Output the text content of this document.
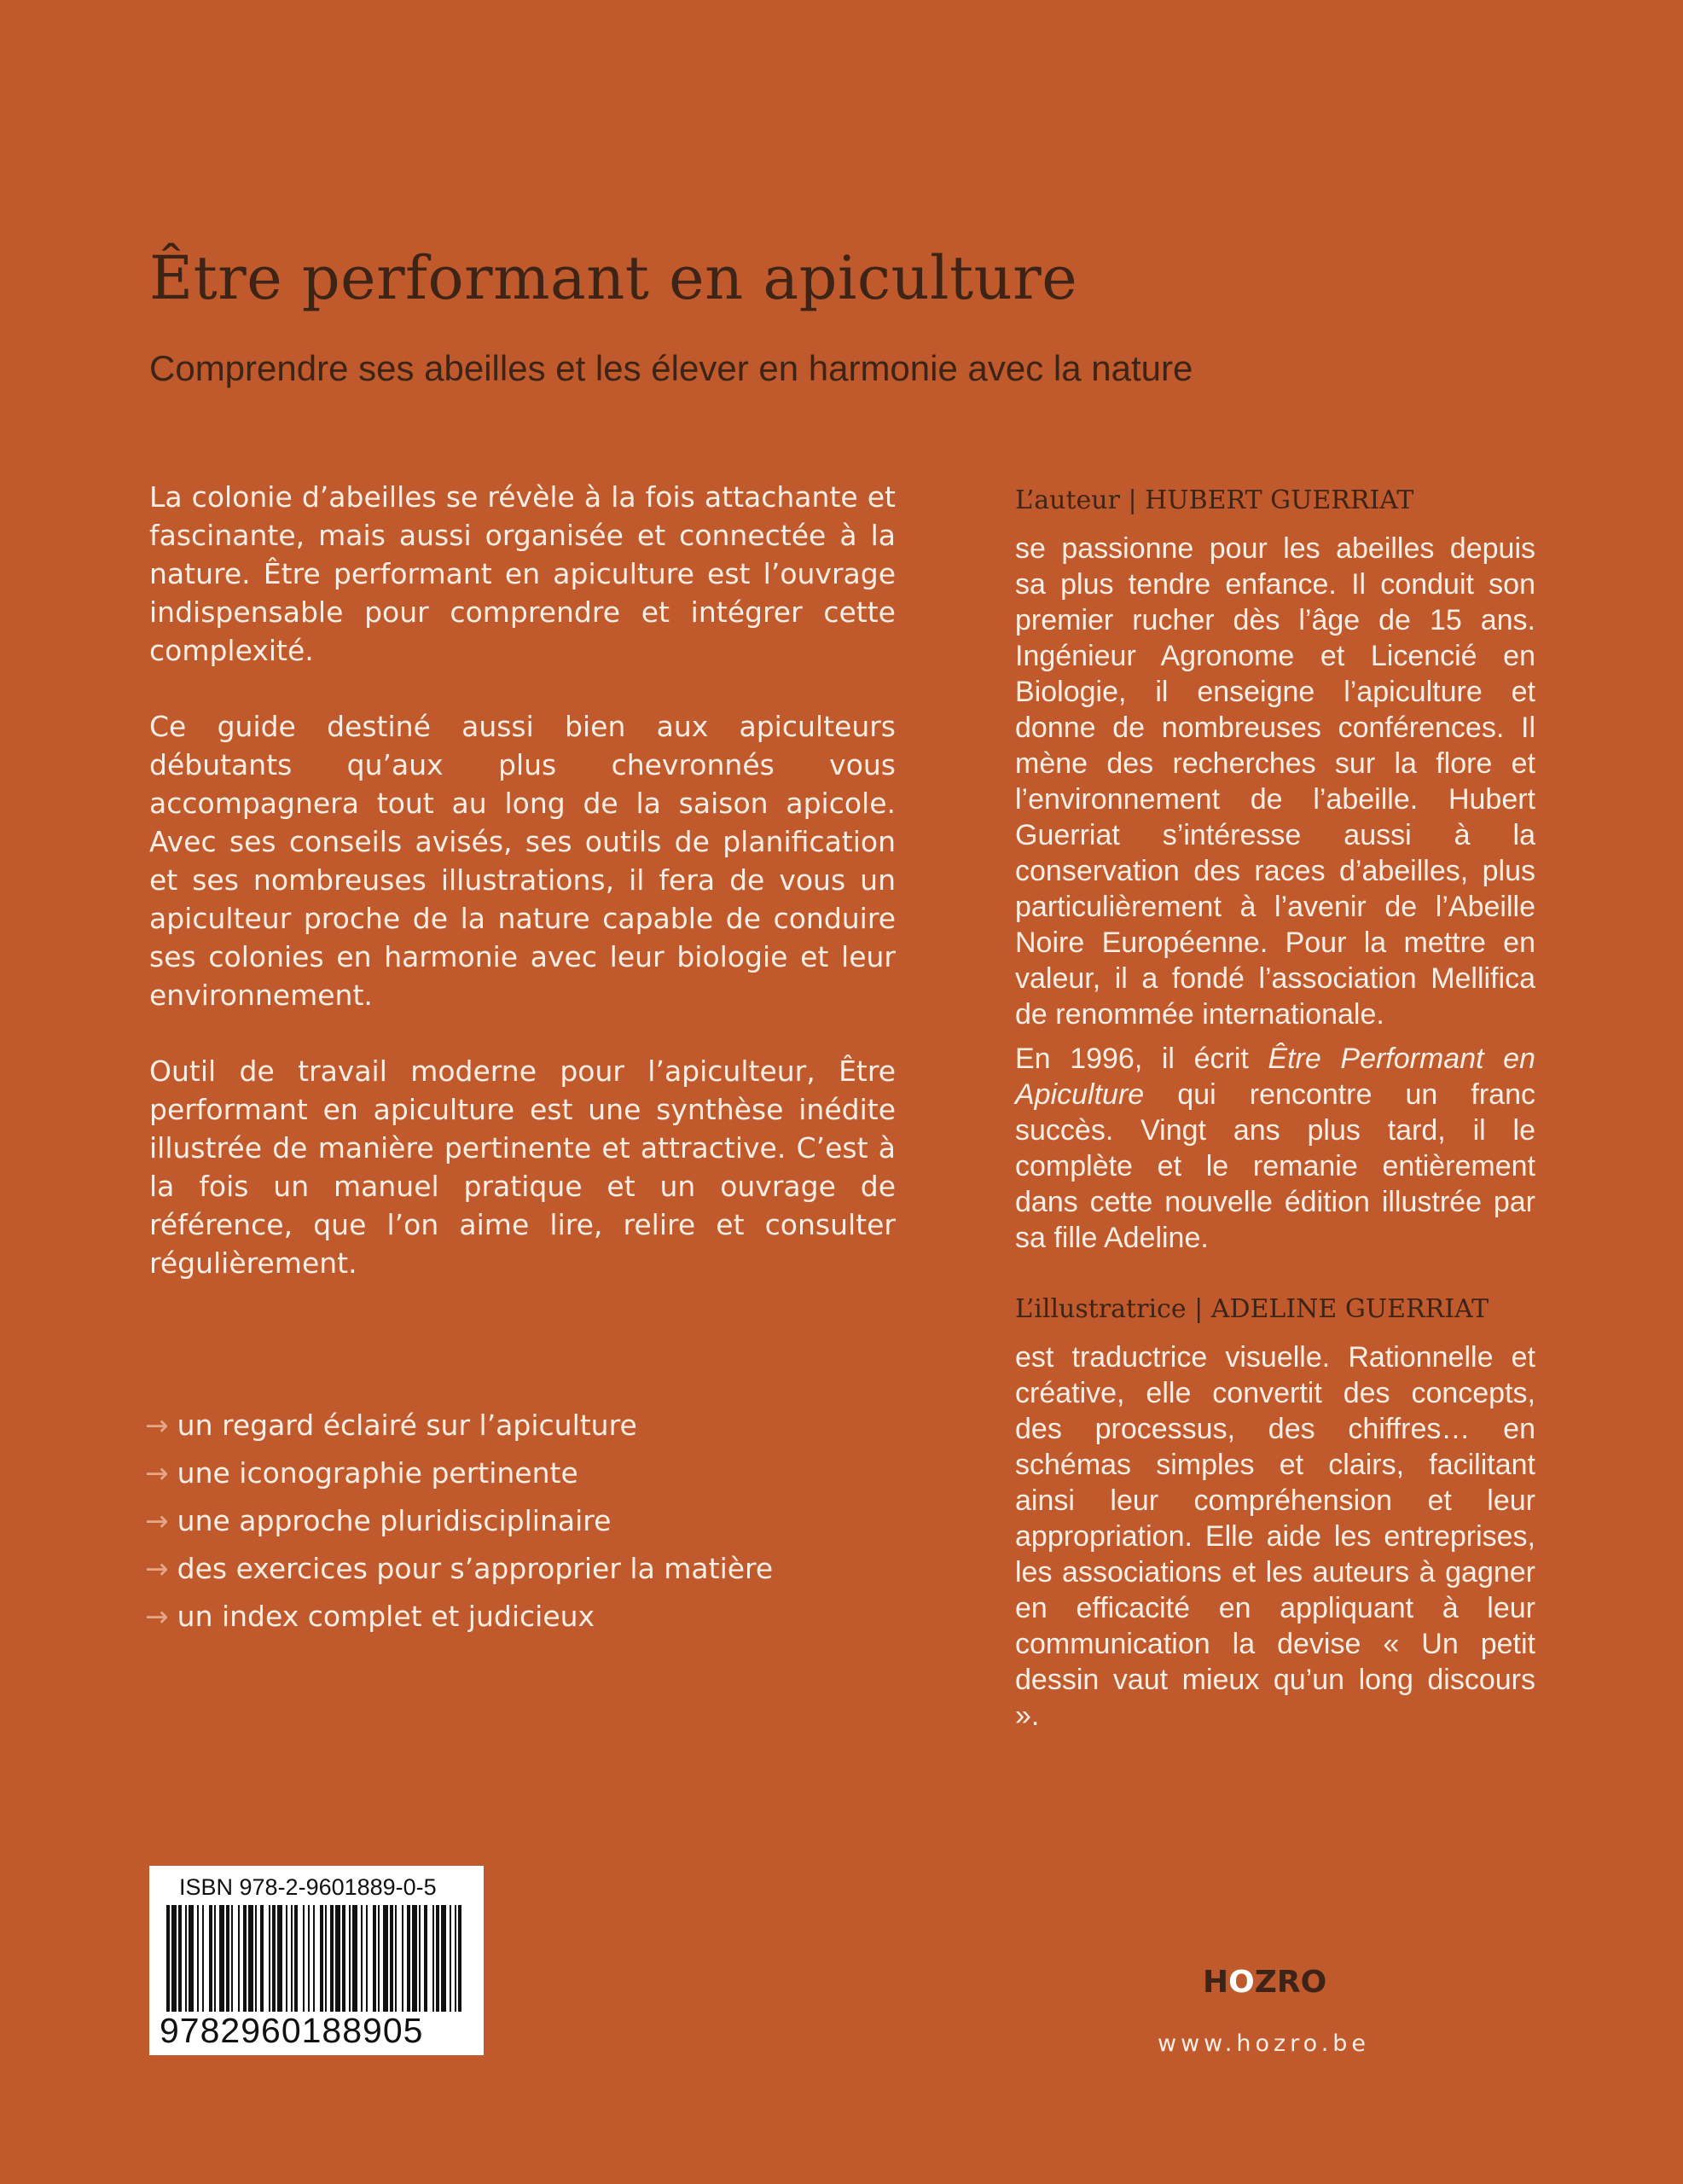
Être performant en apiculture
Comprendre ses abeilles et les élever en harmonie avec la nature

La colonie d’abeilles se révèle à la fois attachante et fascinante, mais aussi organisée et connectée à la nature. Être performant en apiculture est l’ouvrage indispensable pour comprendre et intégrer cette complexité.

Ce guide destiné aussi bien aux apiculteurs débutants qu’aux plus chevronnés vous accompagnera tout au long de la saison apicole. Avec ses conseils avisés, ses outils de planification et ses nombreuses illustrations, il fera de vous un apiculteur proche de la nature capable de conduire ses colonies en harmonie avec leur biologie et leur environnement.

Outil de travail moderne pour l’apiculteur, Être performant en apiculture est une synthèse inédite illustrée de manière pertinente et attractive. C’est à la fois un manuel pratique et un ouvrage de référence, que l’on aime lire, relire et consulter régulièrement.

→ un regard éclairé sur l’apiculture
→ une iconographie pertinente
→ une approche pluridisciplinaire
→ des exercices pour s’approprier la matière
→ un index complet et judicieux
L’auteur | HUBERT GUERRIAT

se passionne pour les abeilles depuis sa plus tendre enfance. Il conduit son premier rucher dès l’âge de 15 ans. Ingénieur Agronome et Licencié en Biologie, il enseigne l’apiculture et donne de nombreuses conférences. Il mène des recherches sur la flore et l’environnement de l’abeille. Hubert Guerriat s’intéresse aussi à la conservation des races d’abeilles, plus particulièrement à l’avenir de l’Abeille Noire Européenne. Pour la mettre en valeur, il a fondé l’association Mellifica de renommée internationale.

En 1996, il écrit Être Performant en Apiculture qui rencontre un franc succès. Vingt ans plus tard, il le complète et le remanie entièrement dans cette nouvelle édition illustrée par sa fille Adeline.

L’illustratrice | ADELINE GUERRIAT

est traductrice visuelle. Rationnelle et créative, elle convertit des concepts, des processus, des chiffres… en schémas simples et clairs, facilitant ainsi leur compréhension et leur appropriation. Elle aide les entreprises, les associations et les auteurs à gagner en efficacité en appliquant à leur communication la devise « Un petit dessin vaut mieux qu’un long discours ».

ISBN 978-2-9601889-0-5
9782960188905
HOZRO
www.hozro.be
